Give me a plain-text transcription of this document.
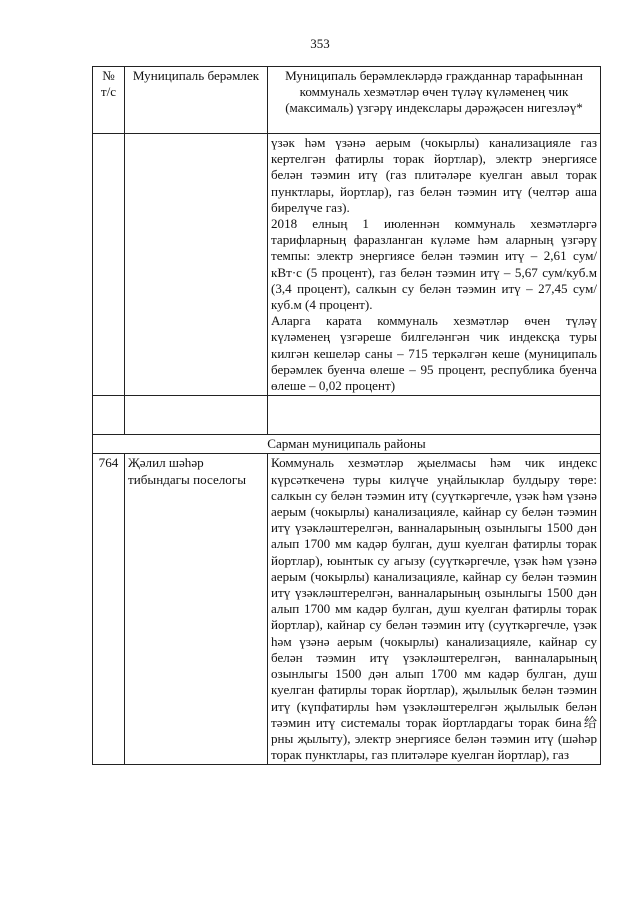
353
№ т/с	Муниципаль берәмлек	Муниципаль берәмлекләрдә гражданнар тарафыннан коммуналь хезмәтләр өчен түләү күләменең чик (максималь) үзгәрү индекслары дәрәҗәсен нигезләү*

		үзәк һәм үзәнә аерым (чокырлы) канализацияле газ кертелгән фатирлы торак йортлар), электр энергиясе белән тәэмин итү (газ плитәләре куелган авыл торак пунктлары, йортлар), газ белән тәэмин итү (челтәр аша бирелүче газ).

2018 елның 1 июленнән коммуналь хезмәтләргә тарифларның фаразланган күләме һәм аларның үзгәрү темпы: электр энергиясе белән тәэмин итү – 2,61 сум/кВт·с (5 процент), газ белән тәэмин итү – 5,67 сум/куб.м (3,4 процент), салкын су белән тәэмин итү – 27,45 сум/куб.м (4 процент).

Аларга карата коммуналь хезмәтләр өчен түләү күләменең үзгәреше билгеләнгән чик индексқа туры килгән кешеләр саны – 715 теркәлгән кеше (муниципаль берәмлек буенча өлеше – 95 процент, республика буенча өлеше – 0,02 процент)

Сарман муниципаль районы		
764	Җәлил шәһәр тибындагы поселогы	Коммуналь хезмәтләр җыелмасы һәм чик индекс күрсәткеченә туры килүче уңайлыклар булдыру төре: салкын су белән тәэмин итү (суүткәргечле, үзәк һәм үзәнә аерым (чокырлы) канализацияле, кайнар су белән тәэмин итү үзәкләштерелгән, ванналарының озынлыгы 1500 дән алып 1700 мм кадәр булган, душ куелган фатирлы торак йортлар), юынтык су агызу (суүткәргечле, үзәк һәм үзәнә аерым (чокырлы) канализацияле, кайнар су белән тәэмин итү үзәкләштерелгән, ванналарының озынлыгы 1500 дән алып 1700 мм кадәр булган, душ куелган фатирлы торак йортлар), кайнар су белән тәэмин итү (суүткәргечле, үзәк һәм үзәнә аерым (чокырлы) канализацияле, кайнар су белән тәэмин итү үзәкләштерелгән, ванналарының озынлыгы 1500 дән алып 1700 мм кадәр булган, душ куелган фатирлы торак йортлар), җылылык белән тәэмин итү (күпфатирлы һәм үзәкләштерелгән җылылык белән тәэмин итү системалы торак йортлардагы торак бина给рны җылыту), электр энергиясе белән тәэмин итү (шәһәр торак пунктлары, газ плитәләре куелган йортлар), газ
